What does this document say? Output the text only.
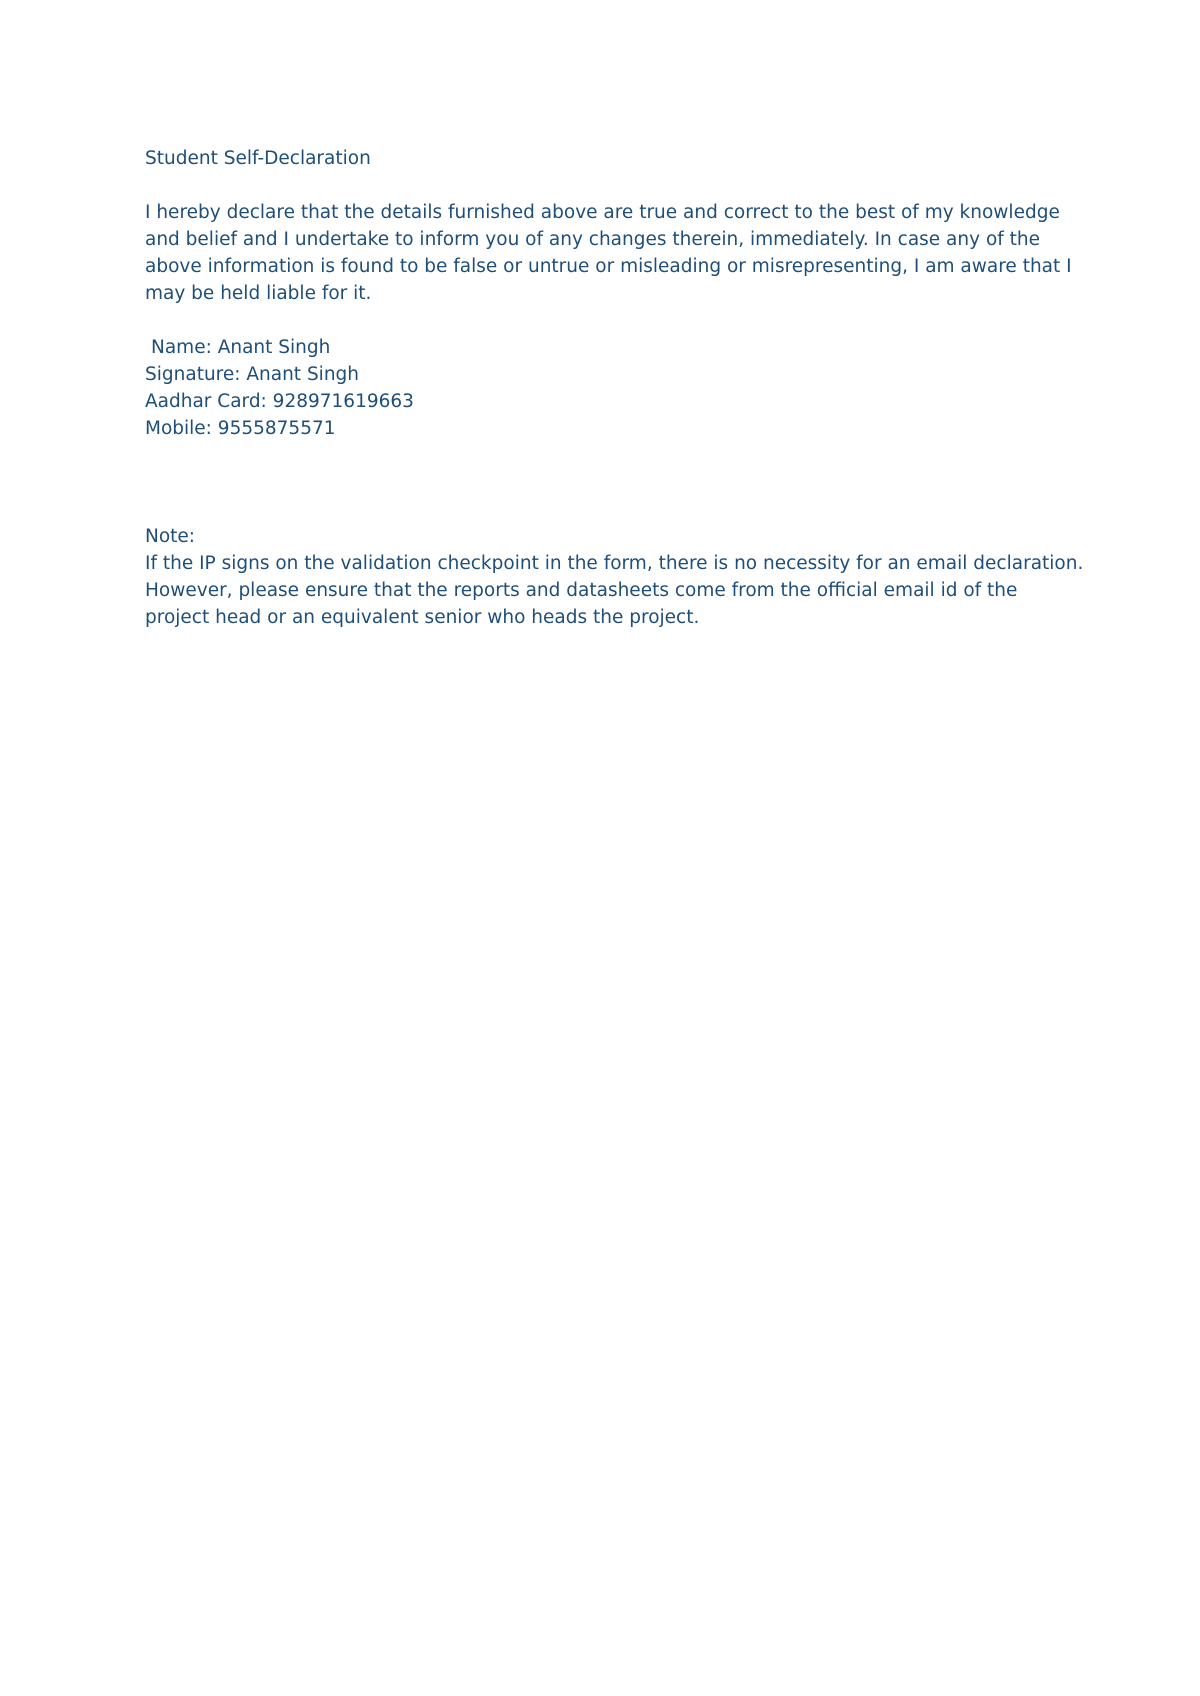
Student Self-Declaration
I hereby declare that the details furnished above are true and correct to the best of my knowledge
and belief and I undertake to inform you of any changes therein, immediately. In case any of the
above information is found to be false or untrue or misleading or misrepresenting, I am aware that I
may be held liable for it.
Name: Anant Singh
Signature: Anant Singh
Aadhar Card: 928971619663
Mobile: 9555875571
Note:
If the IP signs on the validation checkpoint in the form, there is no necessity for an email declaration.
However, please ensure that the reports and datasheets come from the official email id of the
project head or an equivalent senior who heads the project.
